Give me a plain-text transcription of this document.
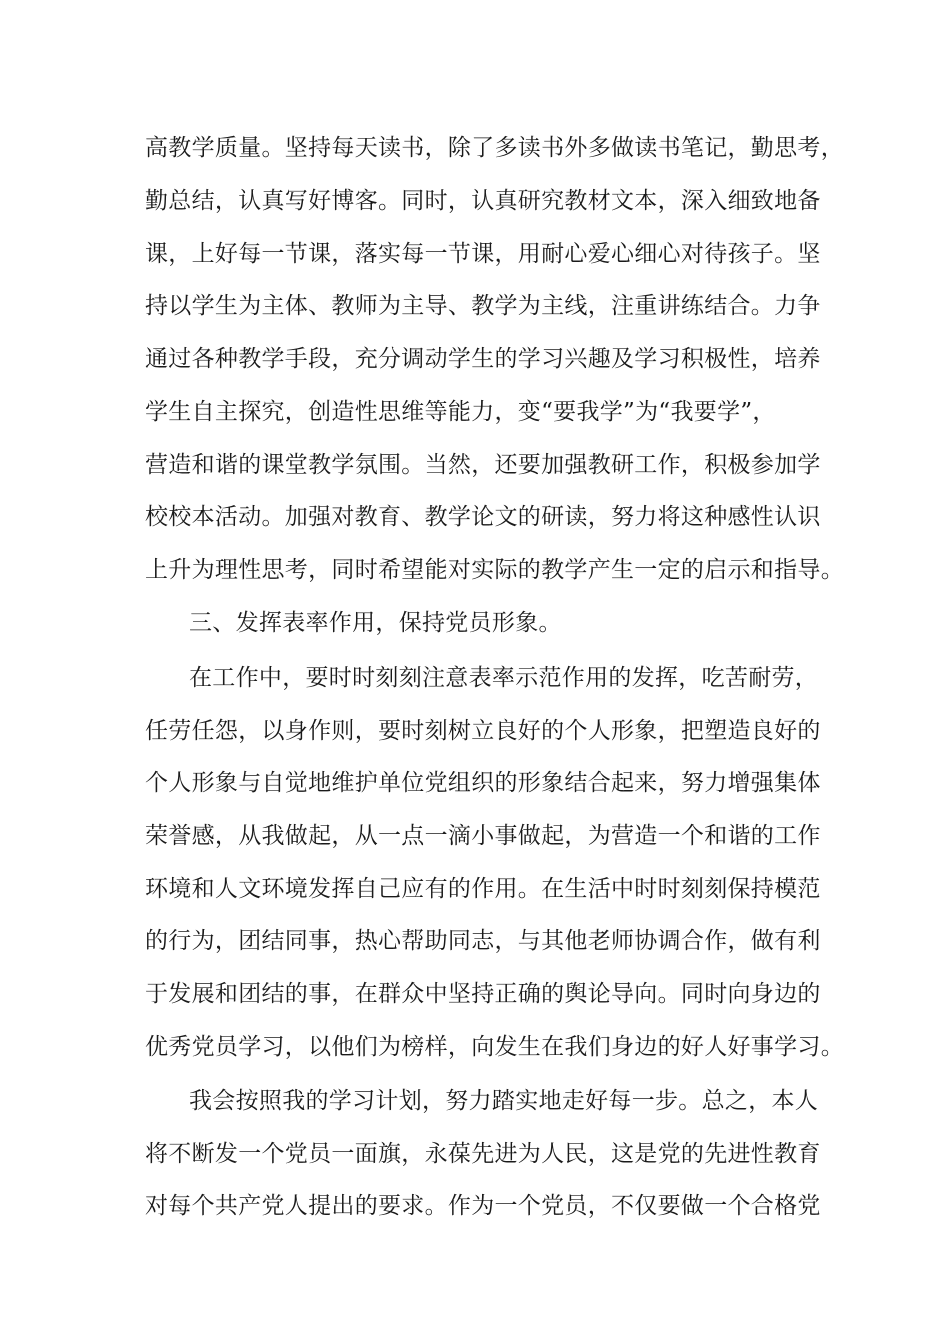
高教学质量。坚持每天读书，除了多读书外多做读书笔记，勤思考，
勤总结，认真写好博客。同时，认真研究教材文本，深入细致地备
课，上好每一节课，落实每一节课，用耐心爱心细心对待孩子。坚
持以学生为主体、教师为主导、教学为主线，注重讲练结合。力争
通过各种教学手段，充分调动学生的学习兴趣及学习积极性，培养
学生自主探究，创造性思维等能力，变“要我学”为“我要学”，
营造和谐的课堂教学氛围。当然，还要加强教研工作，积极参加学
校校本活动。加强对教育、教学论文的研读，努力将这种感性认识
上升为理性思考，同时希望能对实际的教学产生一定的启示和指导。
三、发挥表率作用，保持党员形象。
在工作中，要时时刻刻注意表率示范作用的发挥，吃苦耐劳，
任劳任怨，以身作则，要时刻树立良好的个人形象，把塑造良好的
个人形象与自觉地维护单位党组织的形象结合起来，努力增强集体
荣誉感，从我做起，从一点一滴小事做起，为营造一个和谐的工作
环境和人文环境发挥自己应有的作用。在生活中时时刻刻保持模范
的行为，团结同事，热心帮助同志，与其他老师协调合作，做有利
于发展和团结的事，在群众中坚持正确的舆论导向。同时向身边的
优秀党员学习，以他们为榜样，向发生在我们身边的好人好事学习。
我会按照我的学习计划，努力踏实地走好每一步。总之，本人
将不断发一个党员一面旗，永葆先进为人民，这是党的先进性教育
对每个共产党人提出的要求。作为一个党员，不仅要做一个合格党
